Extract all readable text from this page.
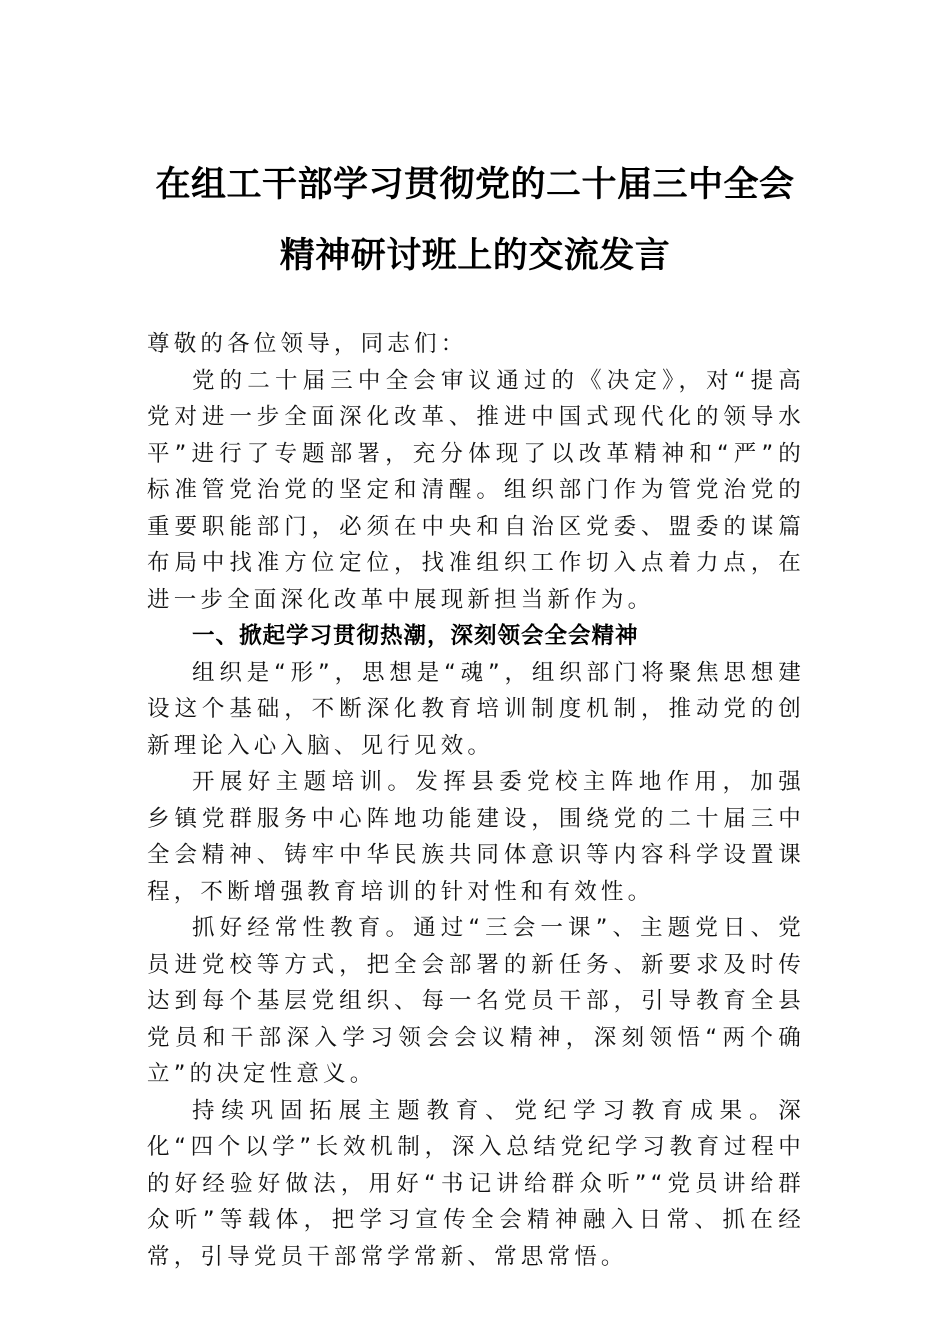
在组工干部学习贯彻党的二十届三中全会
精神研讨班上的交流发言

尊敬的各位领导，同志们：

党的二十届三中全会审议通过的《决定》，对“提高党对进一步全面深化改革、推进中国式现代化的领导水平”进行了专题部署，充分体现了以改革精神和“严”的标准管党治党的坚定和清醒。组织部门作为管党治党的重要职能部门，必须在中央和自治区党委、盟委的谋篇布局中找准方位定位，找准组织工作切入点着力点，在进一步全面深化改革中展现新担当新作为。

一、掀起学习贯彻热潮，深刻领会全会精神

组织是“形”，思想是“魂”，组织部门将聚焦思想建设这个基础，不断深化教育培训制度机制，推动党的创新理论入心入脑、见行见效。

开展好主题培训。发挥县委党校主阵地作用，加强乡镇党群服务中心阵地功能建设，围绕党的二十届三中全会精神、铸牢中华民族共同体意识等内容科学设置课程，不断增强教育培训的针对性和有效性。

抓好经常性教育。通过“三会一课”、主题党日、党员进党校等方式，把全会部署的新任务、新要求及时传达到每个基层党组织、每一名党员干部，引导教育全县党员和干部深入学习领会会议精神，深刻领悟“两个确立”的决定性意义。

持续巩固拓展主题教育、党纪学习教育成果。深化“四个以学”长效机制，深入总结党纪学习教育过程中的好经验好做法，用好“书记讲给群众听”“党员讲给群众听”等载体，把学习宣传全会精神融入日常、抓在经常，引导党员干部常学常新、常思常悟。
